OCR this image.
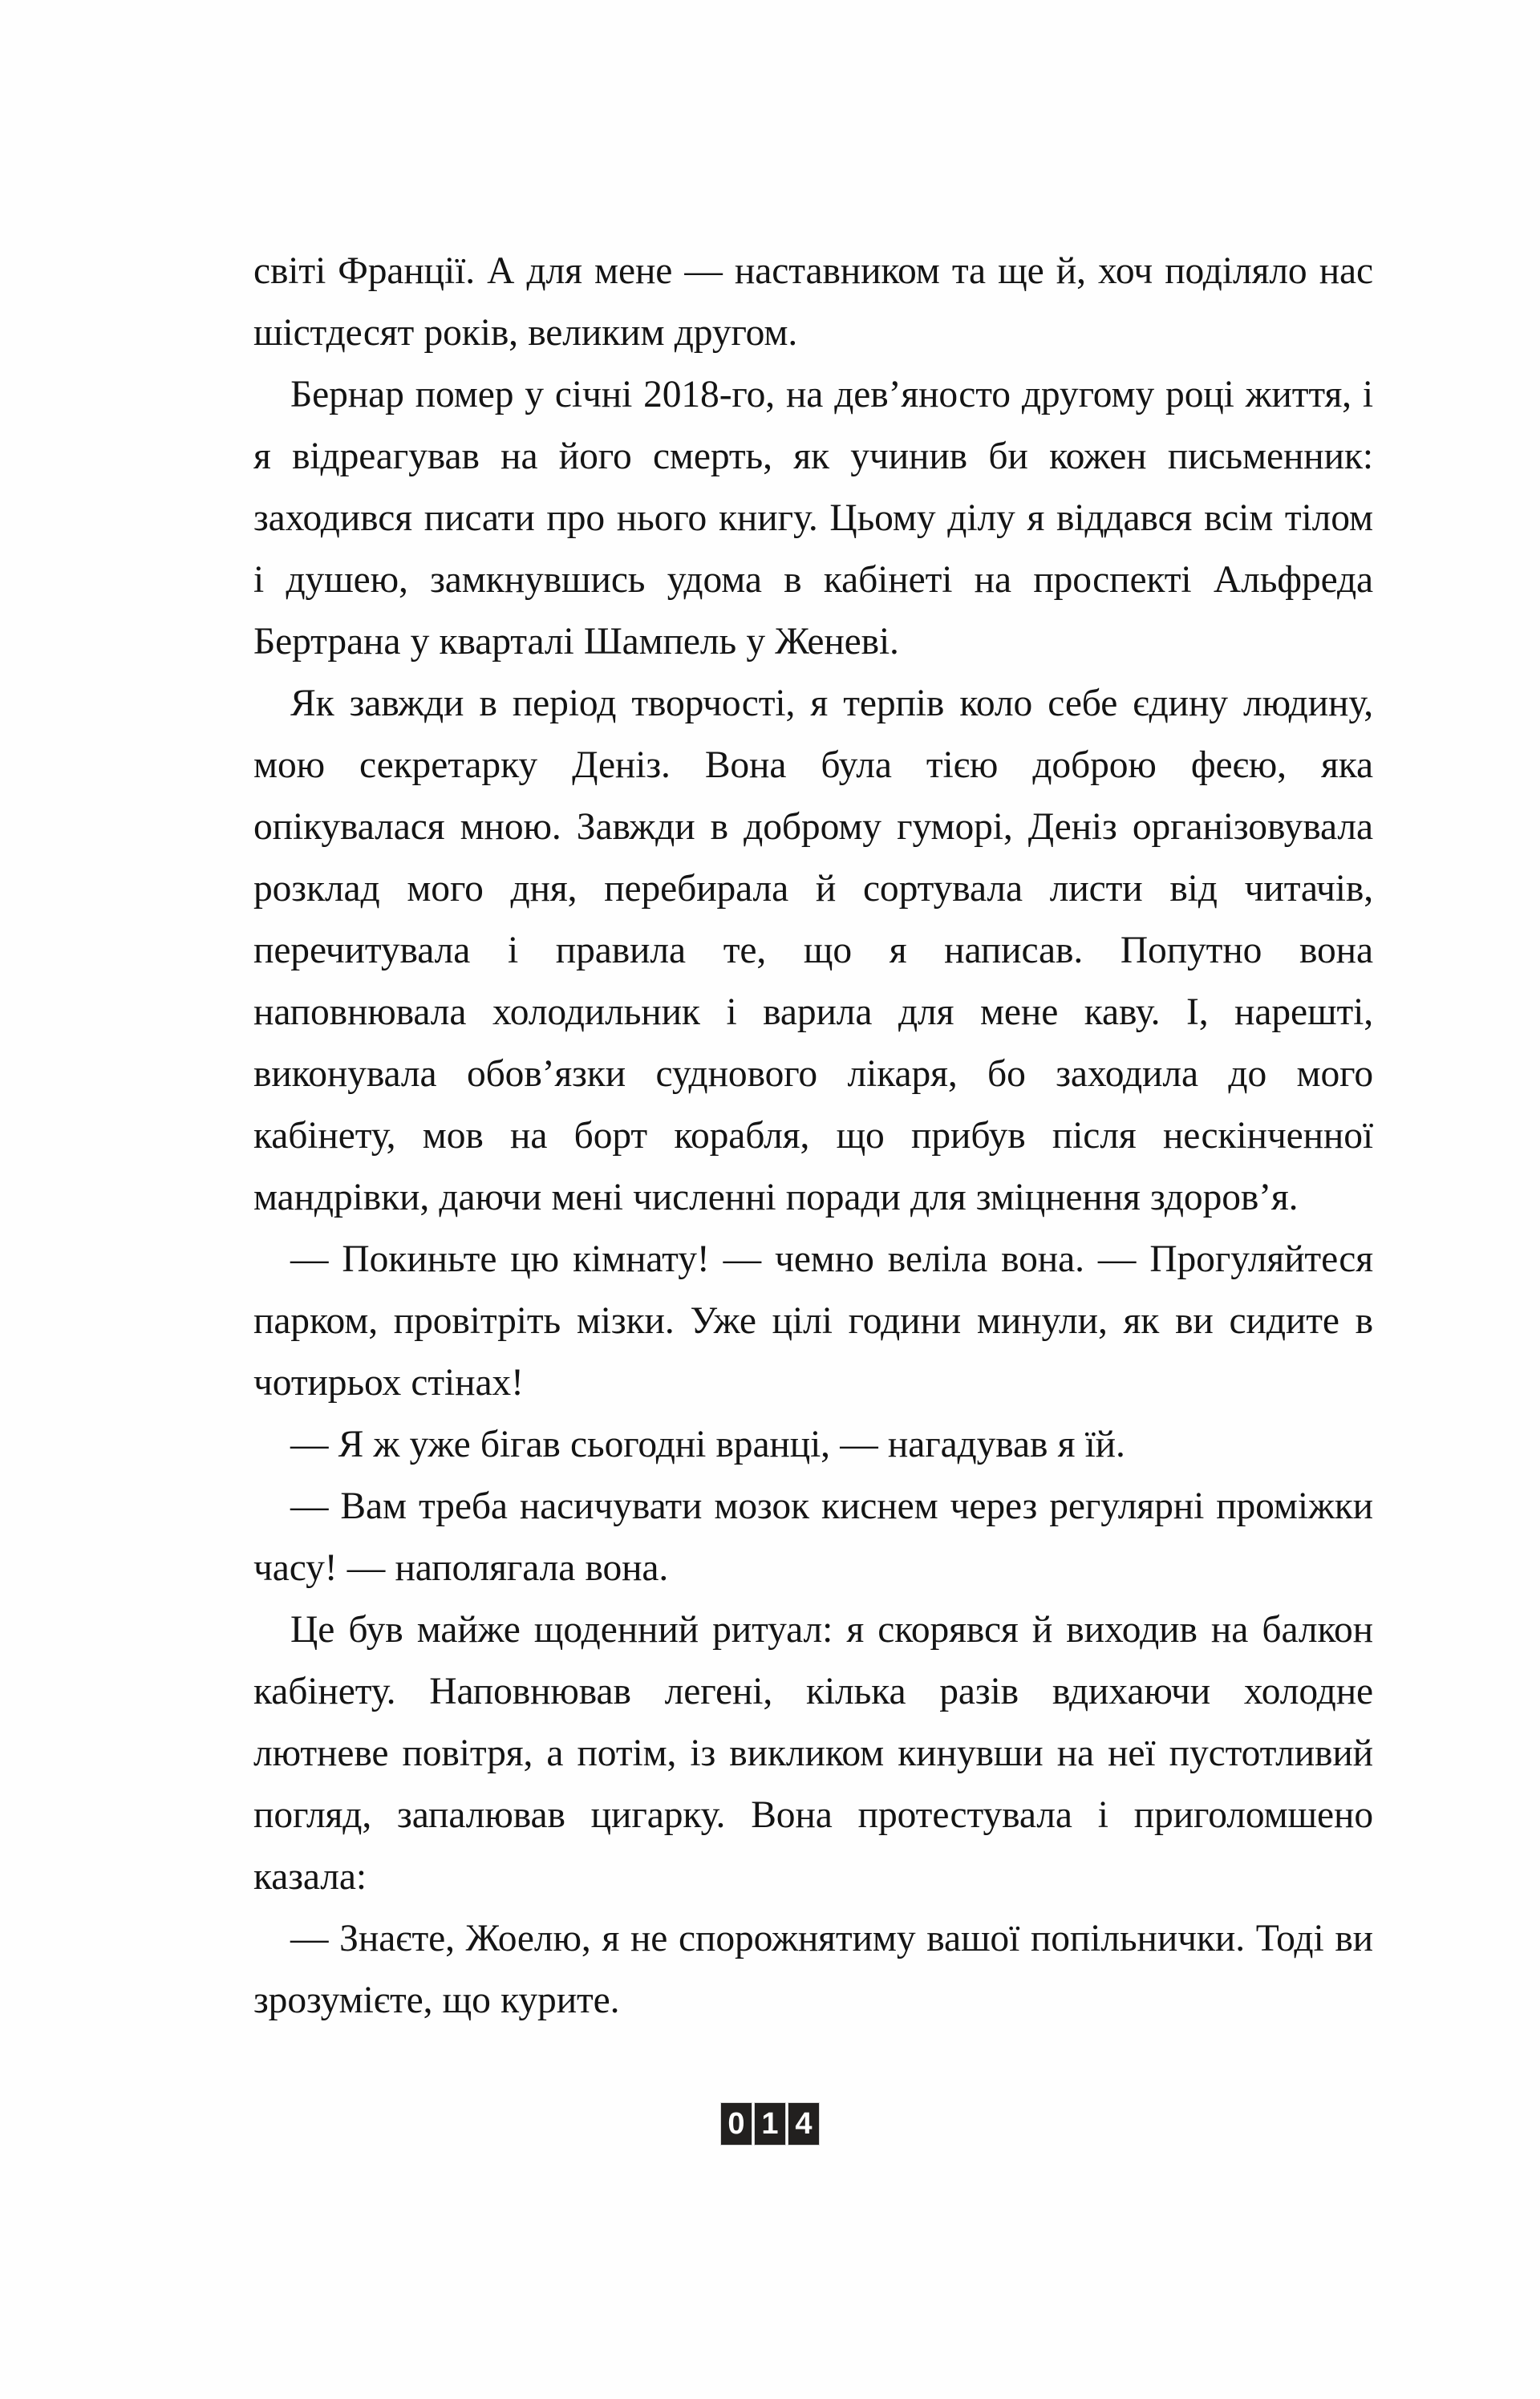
світі Франції. А для мене — наставником та ще й, хоч поділяло нас шістдесят років, великим другом.

Бернар помер у січні 2018-го, на дев’яносто другому році життя, і я відреагував на його смерть, як учинив би кожен письменник: заходився писати про нього книгу. Цьому ділу я віддався всім тілом і душею, замкнувшись удома в кабінеті на проспекті Альфреда Бертрана у кварталі Шампель у Женеві.

Як завжди в період творчості, я терпів коло себе єдину людину, мою секретарку Деніз. Вона була тією доброю феєю, яка опікувалася мною. Завжди в доброму гуморі, Деніз організовувала розклад мого дня, перебирала й сортувала листи від читачів, перечитувала і правила те, що я написав. Попутно вона наповнювала холодильник і варила для мене каву. І, нарешті, виконувала обов’язки суднового лікаря, бо заходила до мого кабінету, мов на борт корабля, що прибув після нескінченної мандрівки, даючи мені численні поради для зміцнення здоров’я.

— Покиньте цю кімнату! — чемно веліла вона. — Прогуляйтеся парком, провітріть мізки. Уже цілі години минули, як ви сидите в чотирьох стінах!

— Я ж уже бігав сьогодні вранці, — нагадував я їй.

— Вам треба насичувати мозок киснем через регулярні проміжки часу! — наполягала вона.

Це був майже щоденний ритуал: я скорявся й виходив на балкон кабінету. Наповнював легені, кілька разів вдихаючи холодне лютневе повітря, а потім, із викликом кинувши на неї пустотливий погляд, запалював цигарку. Вона протестувала і приголомшено казала:

— Знаєте, Жоелю, я не спорожнятиму вашої попільнички. Тоді ви зрозумієте, що курите.

0 1 4
